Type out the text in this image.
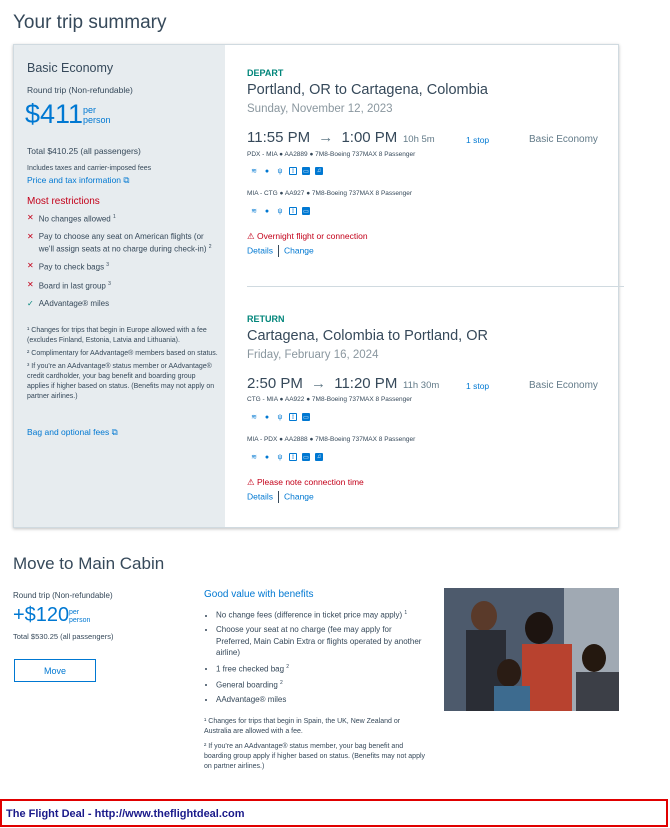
Your trip summary
Basic Economy
Round trip (Non-refundable)
$411 per
person
Total $410.25 (all passengers)
Includes taxes and carrier-imposed fees
Price and tax information ⧉
Most restrictions
✕ No changes allowed $^1$
✕ Pay to choose any seat on American flights (or we'll assign seats at no charge during check-in) $^2$
✕ Pay to check bags $^3$
✕ Board in last group $^3$
✓ AAdvantage® miles
¹ Changes for trips that begin in Europe allowed with a fee (excludes Finland, Estonia, Latvia and Lithuania).
² Complimentary for AAdvantage® members based on status.
³ If you're an AAdvantage® status member or AAdvantage® credit cardholder, your bag benefit and boarding group applies if higher based on status. (Benefits may not apply on partner airlines.)
Bag and optional fees ⧉
DEPART
Portland, OR to Cartagena, Colombia
Sunday, November 12, 2023
11:55 PM → 1:00 PM 10h 5m	1 stop	Basic Economy
PDX - MIA ● AA2889 ● 7M8-Boeing 737MAX 8 Passenger
≋ ● ψ	▯	▭ ♫
MIA - CTG ● AA927 ● 7M8-Boeing 737MAX 8 Passenger
≋ ● ψ	▯	▭
⚠ Overnight flight or connection
Details Change
RETURN
Cartagena, Colombia to Portland, OR
Friday, February 16, 2024
2:50 PM → 11:20 PM 11h 30m	1 stop	Basic Economy
CTG - MIA ● AA922 ● 7M8-Boeing 737MAX 8 Passenger
≋ ● ψ	▯	▭
MIA - PDX ● AA2888 ● 7M8-Boeing 737MAX 8 Passenger
≋ ● ψ	▯	▭ ♫
⚠ Please note connection time
Details Change
Move to Main Cabin
Round trip (Non-refundable)
+$120 per
person
Total $530.25 (all passengers)
Move
Good value with benefits
• No change fees (difference in ticket price may apply) $^1$
• Choose your seat at no charge (fee may apply for Preferred, Main Cabin Extra or flights operated by another airline)
• 1 free checked bag $^2$
• General boarding $^2$
• AAdvantage® miles
¹ Changes for trips that begin in Spain, the UK, New Zealand or Australia are allowed with a fee.
² If you're an AAdvantage® status member, your bag benefit and boarding group apply if higher based on status. (Benefits may not apply on partner airlines.)
The Flight Deal - http://www.theflightdeal.com
